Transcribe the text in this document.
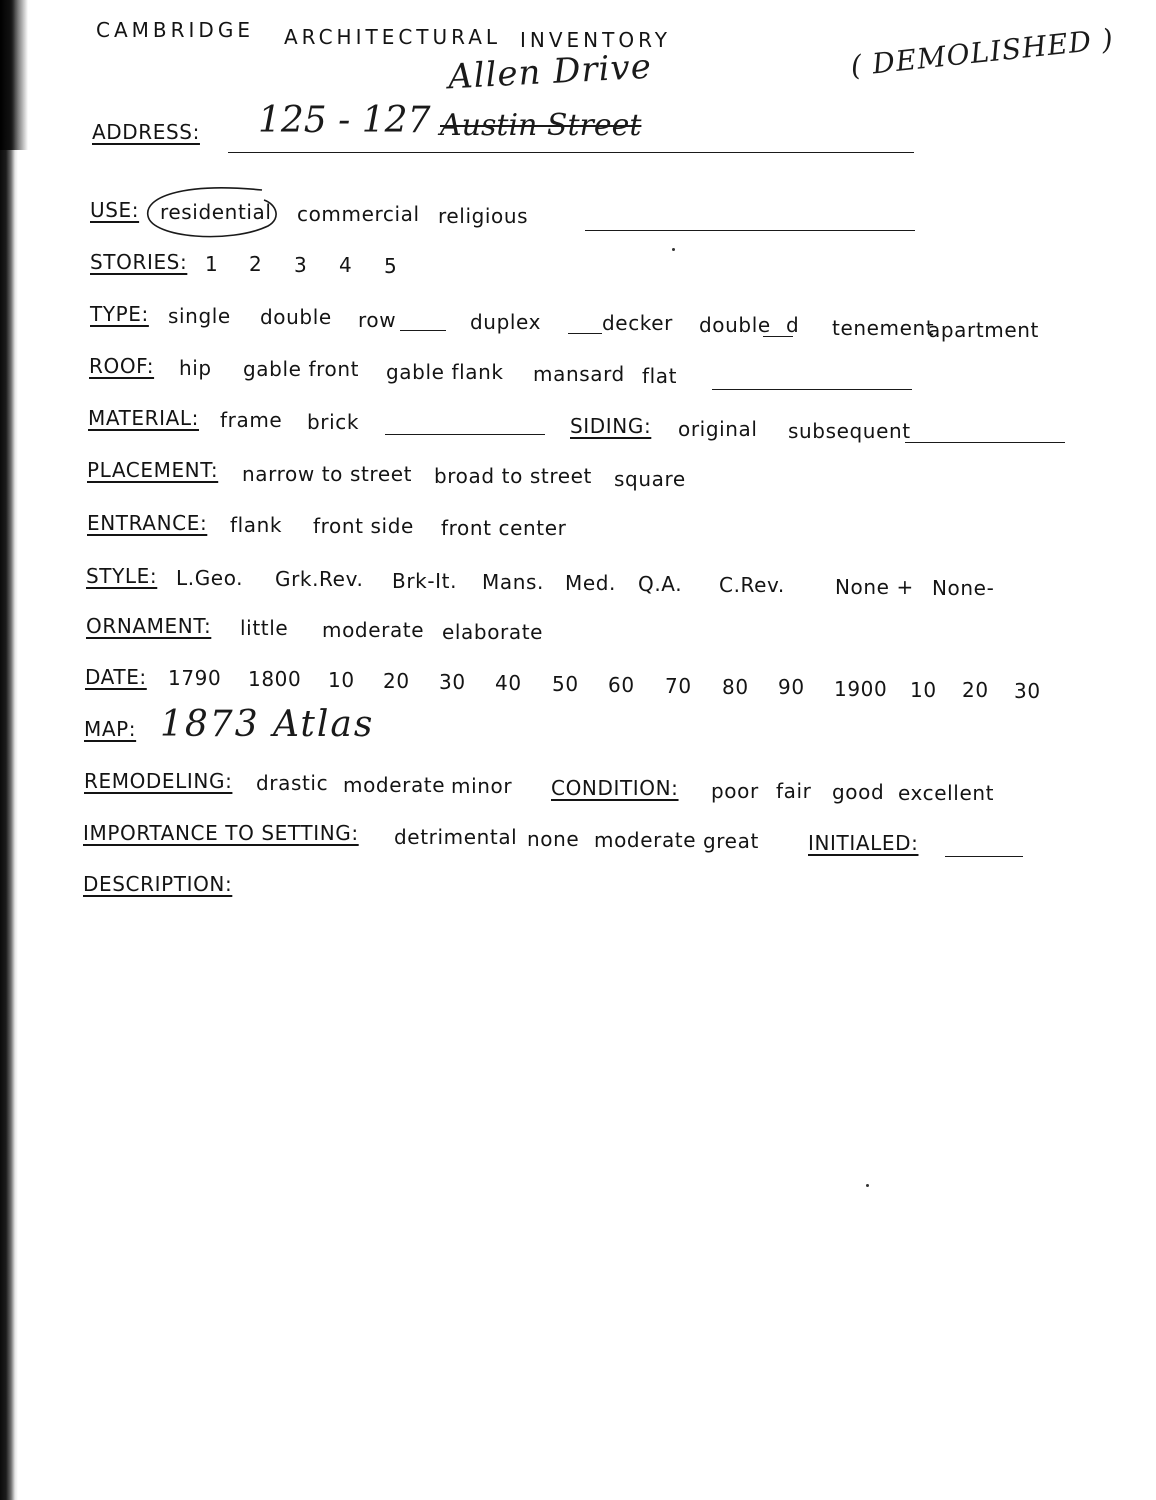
CAMBRIDGE ARCHITECTURAL INVENTORY	( DEMOLISHED )
Allen Drive
ADDRESS: 125 - 127 Austin Street
USE: residential commercial religious
STORIES: 1 2 3 4 5
TYPE: single double row	duplex	decker double d tenement
apartment
ROOF: hip gable front gable flank mansard flat
MATERIAL: frame brick	SIDING: original subsequent
PLACEMENT: narrow to street broad to street square
ENTRANCE: flank front side front center
STYLE: L.Geo. Grk.Rev. Brk-It. Mans. Med. Q.A. C.Rev.	None + None-
ORNAMENT: little moderate elaborate
DATE: 1790 1800 10 20 30 40 50 60 70 80 90 1900 10 20 30
MAP: 1873 Atlas
REMODELING: drastic moderate minor CONDITION: poor fair good excellent
IMPORTANCE TO SETTING: detrimental none moderate great INITIALED:
DESCRIPTION:
